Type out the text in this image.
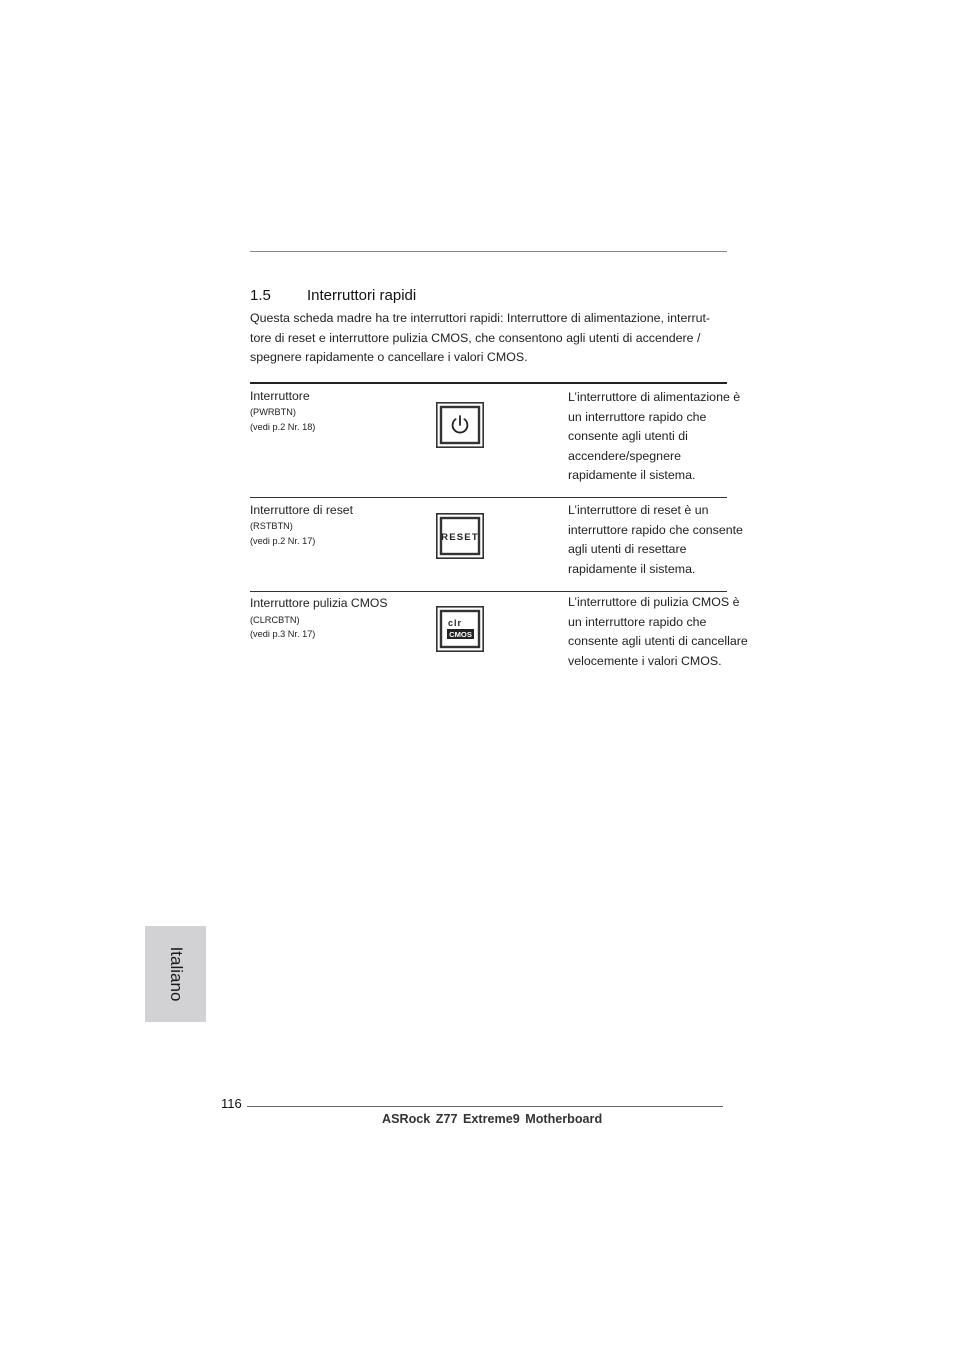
1.5 Interruttori rapidi
Questa scheda madre ha tre interruttori rapidi: Interruttore di alimentazione, interrut-
tore di reset e interruttore pulizia CMOS, che consentono agli utenti di accendere /
spegnere rapidamente o cancellare i valori CMOS.
Interruttore
(PWRBTN)
(vedi p.2 Nr. 18)
L’interruttore di alimentazione è
un interruttore rapido che
consente agli utenti di
accendere/spegnere
rapidamente il sistema.
Interruttore di reset
(RSTBTN)
(vedi p.2 Nr. 17)	RESET
L’interruttore di reset è un
interruttore rapido che consente
agli utenti di resettare
rapidamente il sistema.
Interruttore pulizia CMOS
(CLRCBTN)
(vedi p.3 Nr. 17)
clr
CMOS
L’interruttore di pulizia CMOS è
un interruttore rapido che
consente agli utenti di cancellare
velocemente i valori CMOS.
Italiano
116
ASRock Z77 Extreme9 Motherboard
